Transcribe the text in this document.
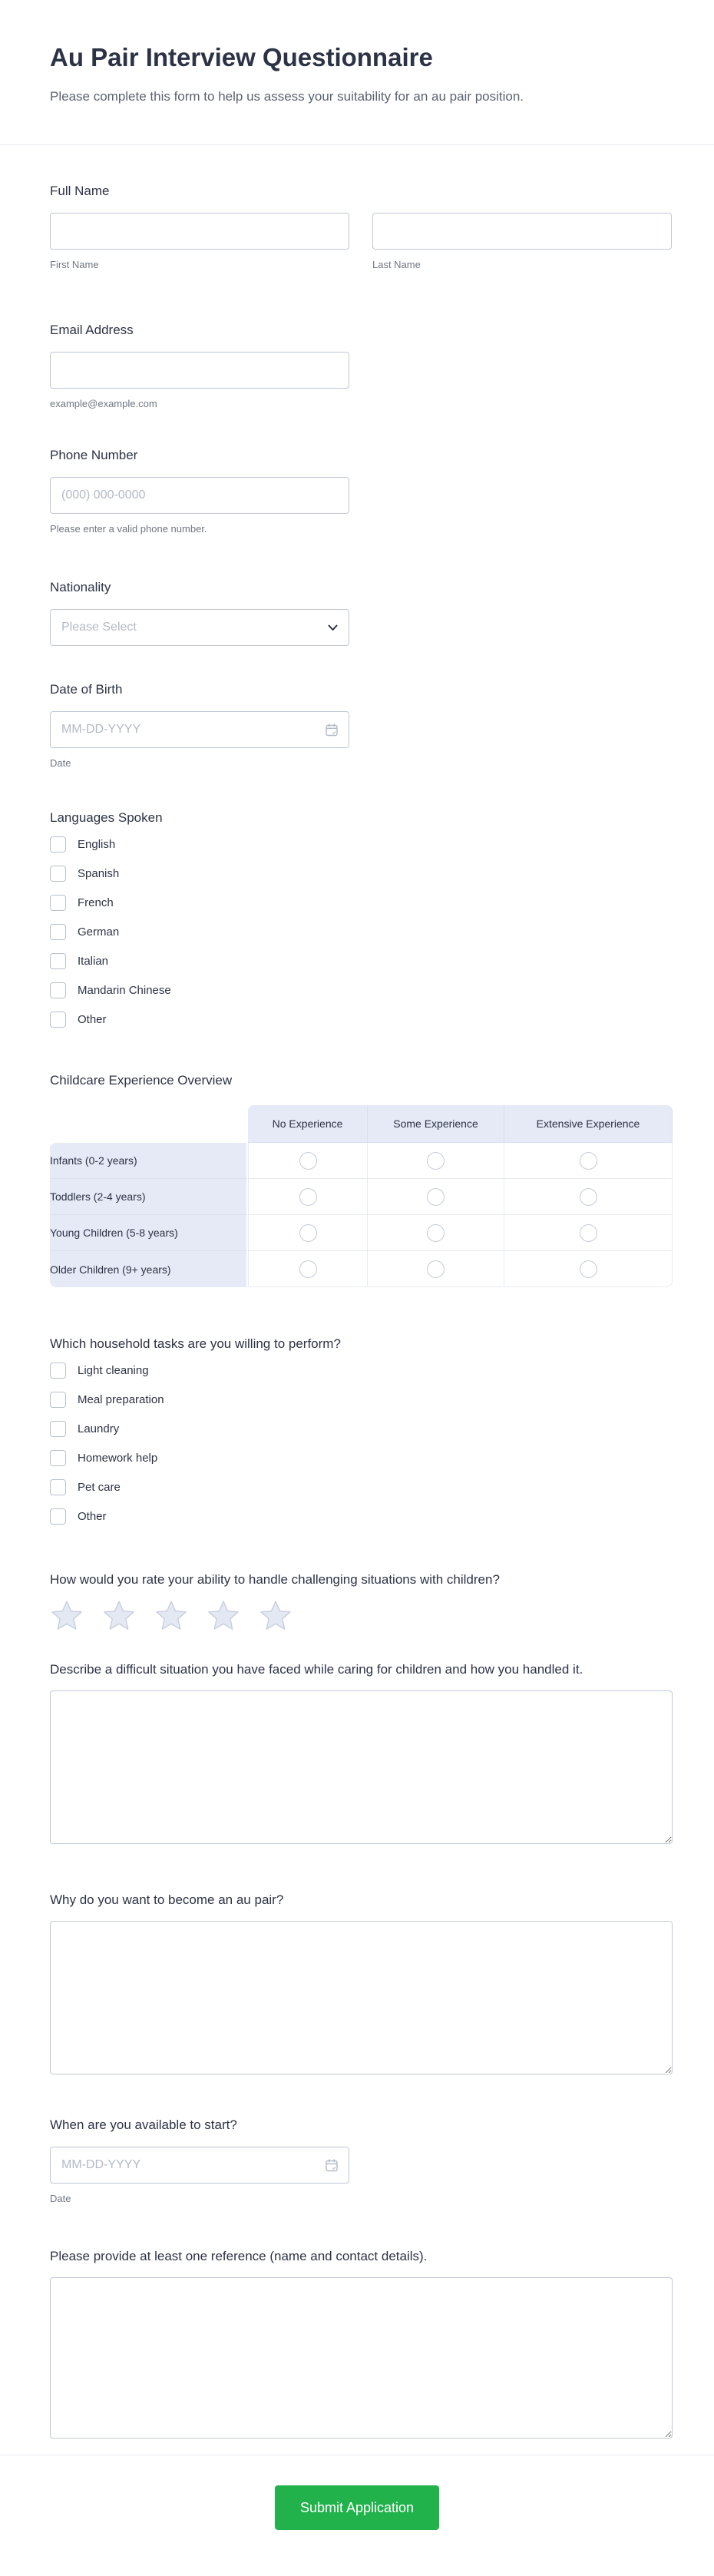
Au Pair Interview Questionnaire
Please complete this form to help us assess your suitability for an au pair position.
Full Name
First Name	Last Name
Email Address
example@example.com
Phone Number
(000) 000-0000
Please enter a valid phone number.
Nationality
Please Select
Date of Birth
MM-DD-YYYY
Date
Languages Spoken
English
Spanish
French
German
Italian
Mandarin Chinese
Other
Childcare Experience Overview
	No Experience	Some Experience	Extensive Experience
Infants (0-2 years)			
Toddlers (2-4 years)			
Young Children (5-8 years)			
Older Children (9+ years)			
Which household tasks are you willing to perform?
Light cleaning
Meal preparation
Laundry
Homework help
Pet care
Other
How would you rate your ability to handle challenging situations with children?
Describe a difficult situation you have faced while caring for children and how you handled it.
Why do you want to become an au pair?
When are you available to start?
MM-DD-YYYY
Date
Please provide at least one reference (name and contact details).
Submit Application
